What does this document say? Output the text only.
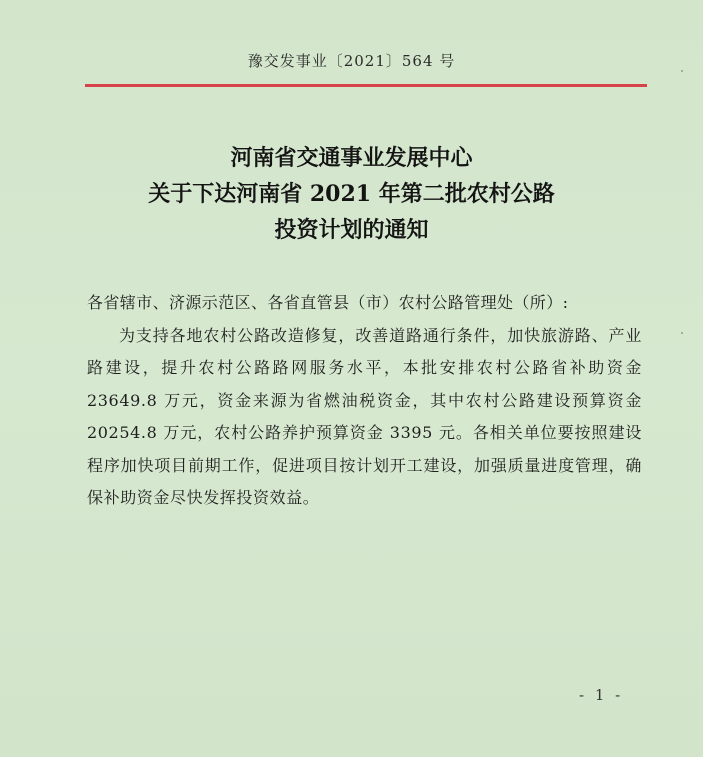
豫交发事业〔2021〕564 号
河南省交通事业发展中心
关于下达河南省 2021 年第二批农村公路
投资计划的通知
各省辖市、济源示范区、各省直管县（市）农村公路管理处（所）:
为支持各地农村公路改造修复，改善道路通行条件，加快旅游路、产业路建设，提升农村公路路网服务水平，本批安排农村公路省补助资金 23649.8 万元，资金来源为省燃油税资金，其中农村公路建设预算资金 20254.8 万元，农村公路养护预算资金 3395 元。各相关单位要按照建设程序加快项目前期工作，促进项目按计划开工建设，加强质量进度管理，确保补助资金尽快发挥投资效益。
- 1 -
